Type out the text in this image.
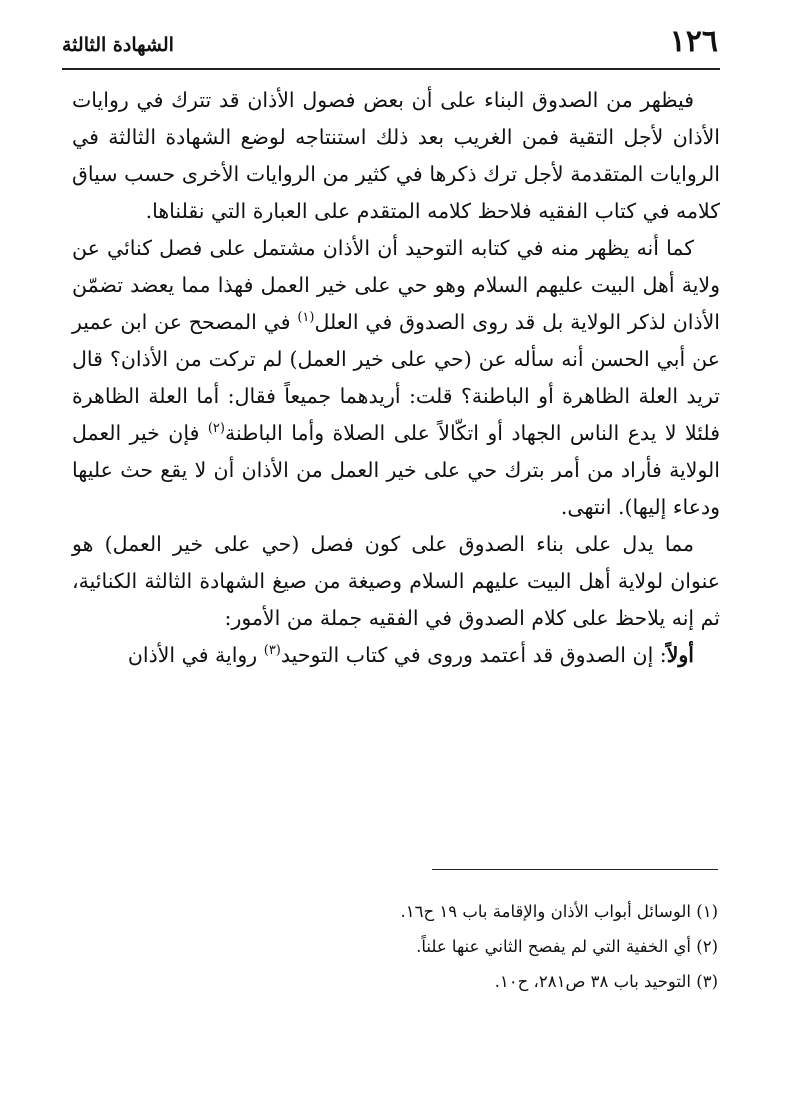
١٢٦
الشهادة الثالثة

فيظهر من الصدوق البناء على أن بعض فصول الأذان قد تترك في روايات الأذان لأجل التقية فمن الغريب بعد ذلك استنتاجه لوضع الشهادة الثالثة في الروايات المتقدمة لأجل ترك ذكرها في كثير من الروايات الأخرى حسب سياق كلامه في كتاب الفقيه فلاحظ كلامه المتقدم على العبارة التي نقلناها.

كما أنه يظهر منه في كتابه التوحيد أن الأذان مشتمل على فصل كنائي عن ولاية أهل البيت عليهم السلام وهو حي على خير العمل فهذا مما يعضد تضمّن الأذان لذكر الولاية بل قد روى الصدوق في العلل$^{(١)}$ في المصحح عن ابن عمير عن أبي الحسن أنه سأله عن (حي على خير العمل) لم تركت من الأذان؟ قال تريد العلة الظاهرة أو الباطنة؟ قلت: أريدهما جميعاً فقال: أما العلة الظاهرة فلئلا لا يدع الناس الجهاد أو اتكّالاً على الصلاة وأما الباطنة$^{(٢)}$ فإن خير العمل الولاية فأراد من أمر بترك حي على خير العمل من الأذان أن لا يقع حث عليها ودعاء إليها). انتهى.

مما يدل على بناء الصدوق على كون فصل (حي على خير العمل) هو عنوان لولاية أهل البيت عليهم السلام وصيغة من صيغ الشهادة الثالثة الكنائية، ثم إنه يلاحظ على كلام الصدوق في الفقيه جملة من الأمور:

أولاً: إن الصدوق قد أعتمد وروى في كتاب التوحيد$^{(٣)}$ رواية في الأذان

(١) الوسائل أبواب الأذان والإقامة باب ١٩ ح١٦.

(٢) أي الخفية التي لم يفصح الثاني عنها علناً.

(٣) التوحيد باب ٣٨ ص٢٨١، ح١٠.
